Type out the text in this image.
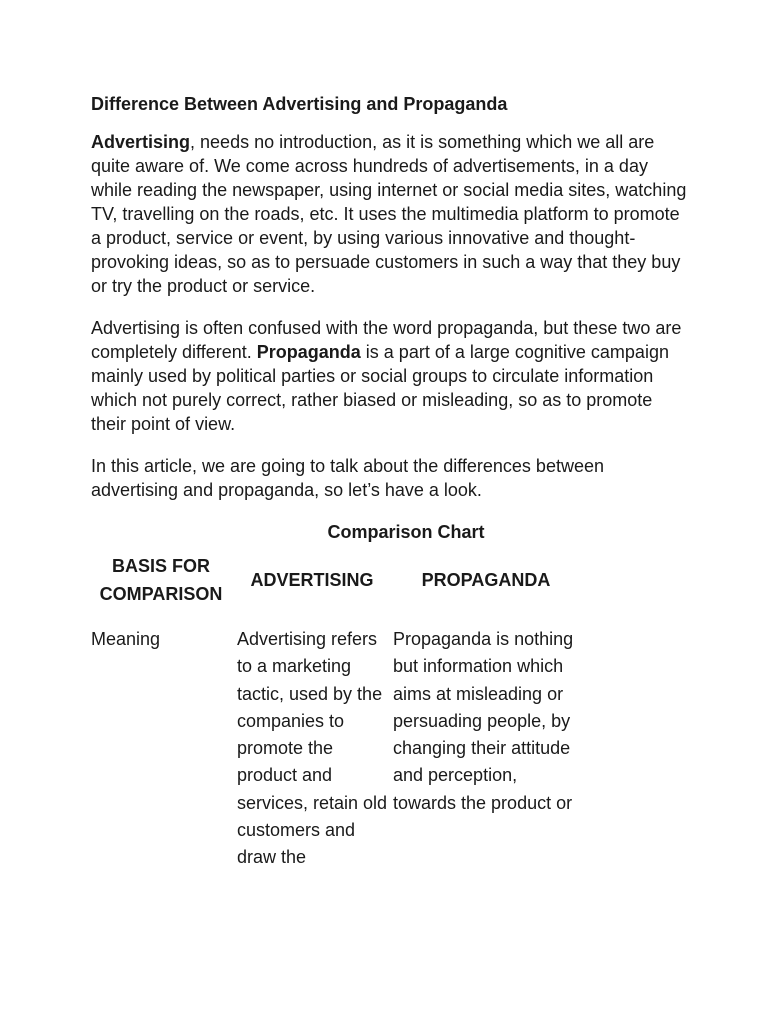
Difference Between Advertising and Propaganda

Advertising, needs no introduction, as it is something which we all are quite aware of. We come across hundreds of advertisements, in a day while reading the newspaper, using internet or social media sites, watching TV, travelling on the roads, etc. It uses the multimedia platform to promote a product, service or event, by using various innovative and thought-provoking ideas, so as to persuade customers in such a way that they buy or try the product or service.

Advertising is often confused with the word propaganda, but these two are completely different. Propaganda is a part of a large cognitive campaign mainly used by political parties or social groups to circulate information which not purely correct, rather biased or misleading, so as to promote their point of view.

In this article, we are going to talk about the differences between advertising and propaganda, so let’s have a look.

Comparison Chart
BASIS FOR COMPARISON	ADVERTISING	PROPAGANDA

Meaning	Advertising refers to a marketing tactic, used by the companies to promote the product and services, retain old customers and draw the	Propaganda is nothing but information which aims at misleading or persuading people, by changing their attitude and perception, towards the product or
